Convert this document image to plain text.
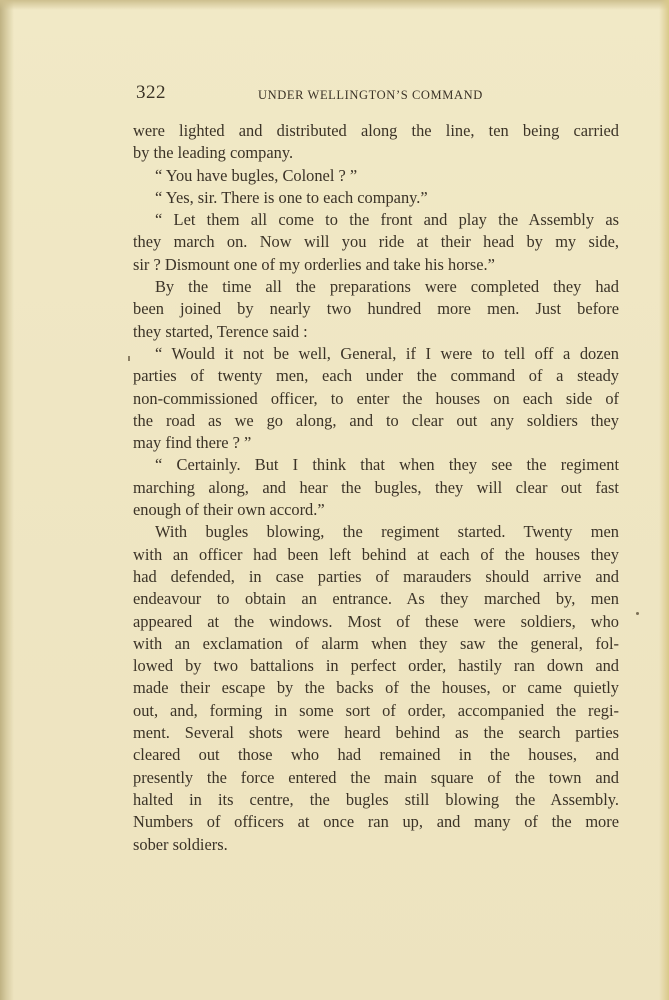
322	UNDER WELLINGTON’S COMMAND

were lighted and distributed along the line, ten being carried

by the leading company.

“ You have bugles, Colonel ? ”

“ Yes, sir. There is one to each company.”

“ Let them all come to the front and play the Assembly as

they march on. Now will you ride at their head by my side,

sir ? Dismount one of my orderlies and take his horse.”

By the time all the preparations were completed they had

been joined by nearly two hundred more men. Just before

they started, Terence said :

“ Would it not be well, General, if I were to tell off a dozen

parties of twenty men, each under the command of a steady

non-commissioned officer, to enter the houses on each side of

the road as we go along, and to clear out any soldiers they

may find there ? ”

“ Certainly. But I think that when they see the regiment

marching along, and hear the bugles, they will clear out fast

enough of their own accord.”

With bugles blowing, the regiment started. Twenty men

with an officer had been left behind at each of the houses they

had defended, in case parties of marauders should arrive and

endeavour to obtain an entrance. As they marched by, men

appeared at the windows. Most of these were soldiers, who

with an exclamation of alarm when they saw the general, fol-

lowed by two battalions in perfect order, hastily ran down and

made their escape by the backs of the houses, or came quietly

out, and, forming in some sort of order, accompanied the regi-

ment. Several shots were heard behind as the search parties

cleared out those who had remained in the houses, and

presently the force entered the main square of the town and

halted in its centre, the bugles still blowing the Assembly.

Numbers of officers at once ran up, and many of the more

sober soldiers.
